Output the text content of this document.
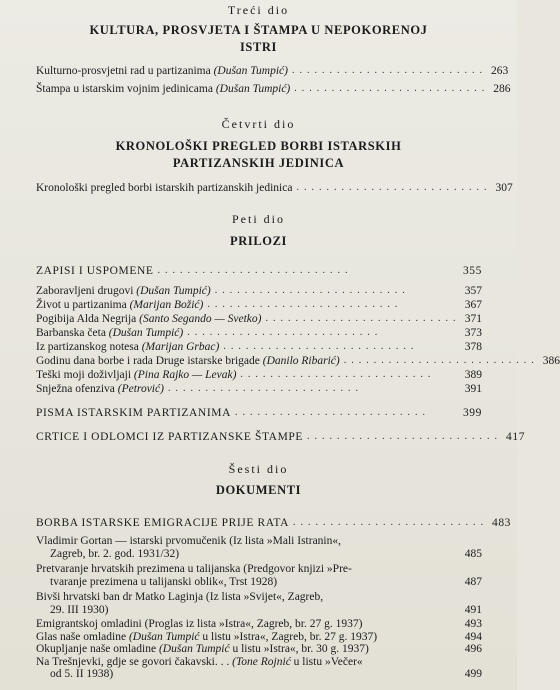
Treći dio

KULTURA, PROSVJETA I ŠTAMPA U NEPOKORENOJ

ISTRI

Kulturno-prosvjetni rad u partizanima (Dušan Tumpić) .......................... 263
Štampa u istarskim vojnim jedinicama (Dušan Tumpić) .......................... 286

Četvrti dio

KRONOLOŠKI PREGLED BORBI ISTARSKIH

PARTIZANSKIH JEDINICA

Kronološki pregled borbi istarskih partizanskih jedinica .......................... 307

Peti dio

PRILOZI

ZAPISI I USPOMENE ..........................	355
Zaboravljeni drugovi (Dušan Tumpić) ..........................	357
Život u partizanima (Marijan Božić) ..........................	367
Pogibija Alda Negrija (Santo Segando — Svetko) .......................... 371
Barbanska četa (Dušan Tumpić) ..........................	373
Iz partizanskog notesa (Marijan Grbac) ..........................	378
Godinu dana borbe i rada Druge istarske brigade (Danilo Ribarić) .......................... 386
Teški moji doživljaji (Pina Rajko — Levak) ..........................	389
Snježna ofenziva (Petrović) ..........................	391
PISMA ISTARSKIM PARTIZANIMA ..........................	399
CRTICE I ODLOMCI IZ PARTIZANSKE ŠTAMPE .......................... 417

Šesti dio

DOKUMENTI

BORBA ISTARSKE EMIGRACIJE PRIJE RATA .......................... 483
Vladimir Gortan — istarski prvomučenik (Iz lista »Mali Istranin«,
Zagreb, br. 2. god. 1931/32)	485
Pretvaranje hrvatskih prezimena u talijanska (Predgovor knjizi »Pre-
tvaranje prezimena u talijanski oblik«, Trst 1928)	487
Bivši hrvatski ban dr Matko Laginja (Iz lista »Svijet«, Zagreb,
29. III 1930)	491
Emigrantskoj omladini (Proglas iz lista »Istra«, Zagreb, br. 27 g. 1937)	493
Glas naše omladine (Dušan Tumpić u listu »Istra«, Zagreb, br. 27 g. 1937)	494
Okupljanje naše omladine (Dušan Tumpić u listu »Istra«, br. 30 g. 1937)	496
Na Trešnjevki, gdje se govori čakavski. . . (Tone Rojnić u listu »Večer«
od 5. II 1938)	499
